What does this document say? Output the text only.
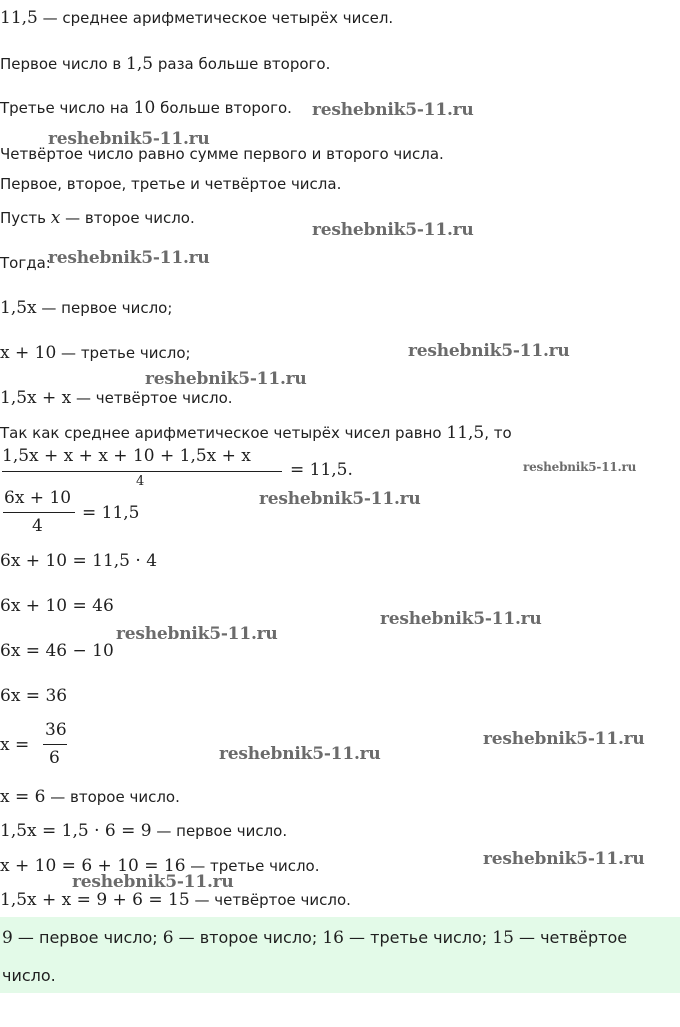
11,5 — среднее арифметическое четырёх чисел.
Первое число в 1,5 раза больше второго.
Третье число на 10 больше второго.
Четвёртое число равно сумме первого и второго числа.
Первое, второе, третье и четвёртое числа.
Пусть x — второе число.
Тогда:
1,5x — первое число;
x + 10 — третье число;
1,5x + x — четвёртое число.
Так как среднее арифметическое четырёх чисел равно 11,5, то
1,5x + x + x + 10 + 1,5x + x
4
= 11,5.
6x + 10
4
= 11,5
6x + 10 = 11,5 · 4
6x + 10 = 46
6x = 46 − 10
6x = 36
x =
36
6
x = 6 — второе число.
1,5x = 1,5 · 6 = 9 — первое число.
x + 10 = 6 + 10 = 16 — третье число.
1,5x + x = 9 + 6 = 15 — четвёртое число.
9 — первое число; 6 — второе число; 16 — третье число; 15 — четвёртое
число.
reshebnik5-11.ru
reshebnik5-11.ru
reshebnik5-11.ru
reshebnik5-11.ru
reshebnik5-11.ru
reshebnik5-11.ru
reshebnik5-11.ru
reshebnik5-11.ru
reshebnik5-11.ru
reshebnik5-11.ru
reshebnik5-11.ru
reshebnik5-11.ru
reshebnik5-11.ru
reshebnik5-11.ru
